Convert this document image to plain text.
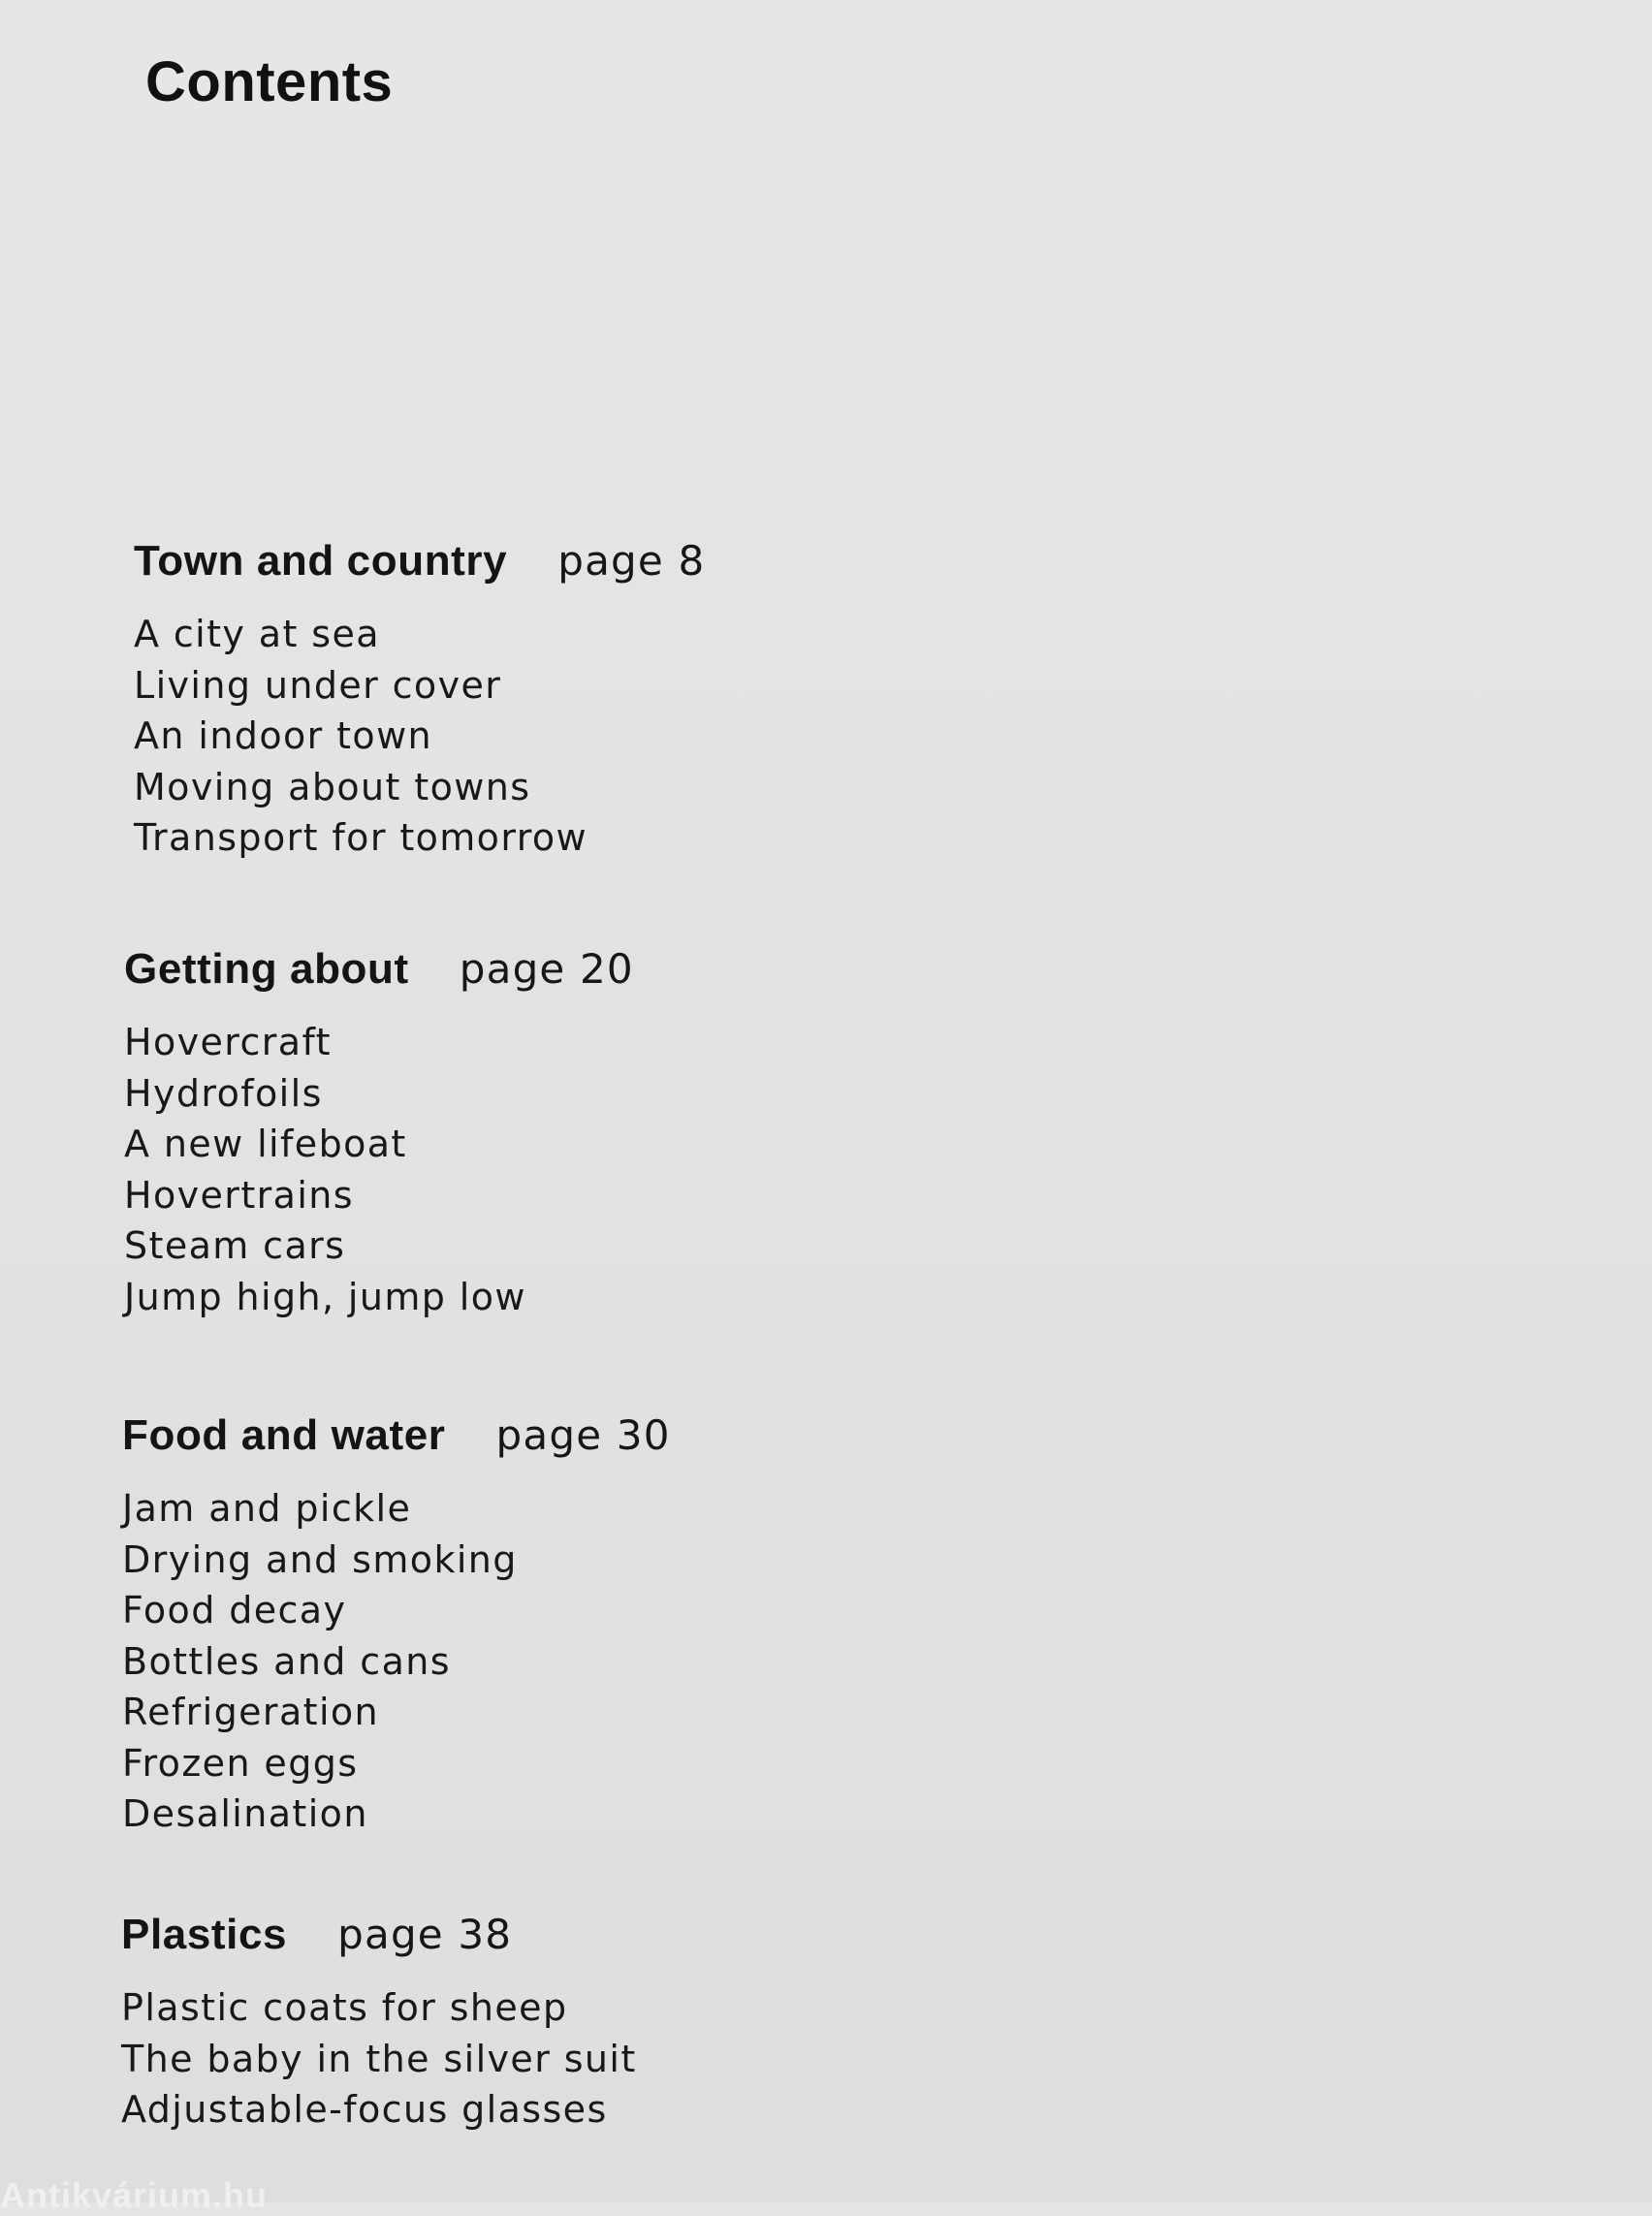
Contents
Town and country page 8
A city at sea
Living under cover
An indoor town
Moving about towns
Transport for tomorrow
Getting about page 20
Hovercraft
Hydrofoils
A new lifeboat
Hovertrains
Steam cars
Jump high, jump low
Food and water page 30
Jam and pickle
Drying and smoking
Food decay
Bottles and cans
Refrigeration
Frozen eggs
Desalination
Plastics page 38
Plastic coats for sheep
The baby in the silver suit
Adjustable-focus glasses
Antikvárium.hu
